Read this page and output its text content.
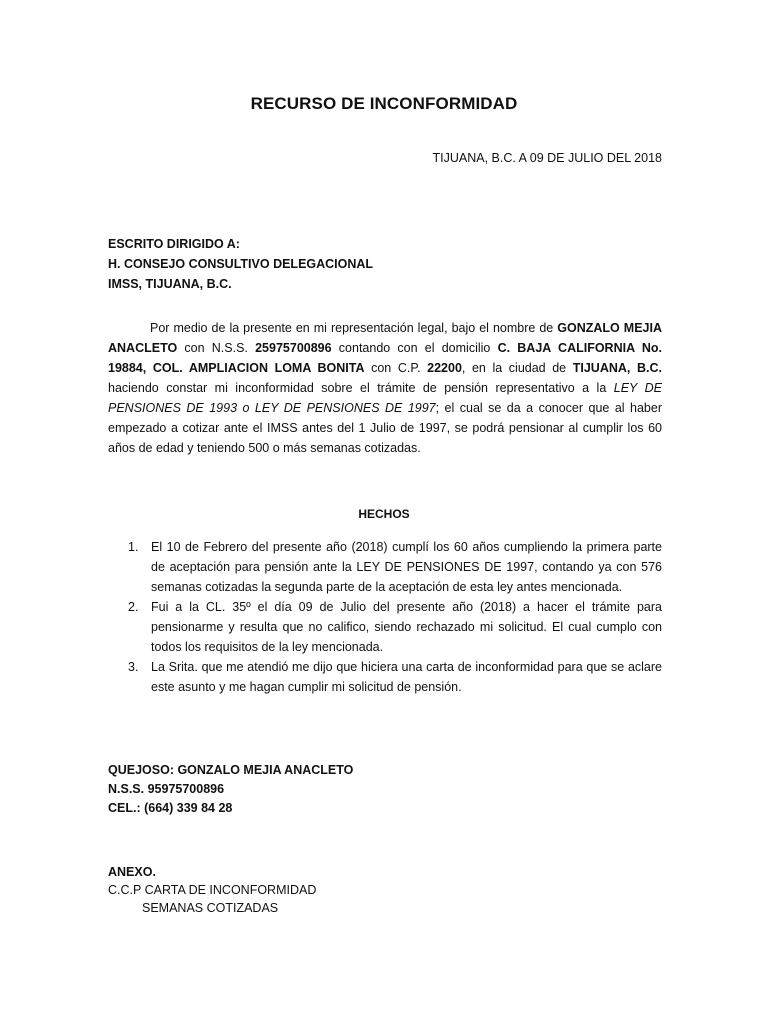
RECURSO DE INCONFORMIDAD
TIJUANA, B.C. A 09 DE JULIO DEL 2018
ESCRITO DIRIGIDO A:
H. CONSEJO CONSULTIVO DELEGACIONAL
IMSS, TIJUANA, B.C.
Por medio de la presente en mi representación legal, bajo el nombre de GONZALO MEJIA ANACLETO con N.S.S. 25975700896 contando con el domicilio C. BAJA CALIFORNIA No. 19884, COL. AMPLIACION LOMA BONITA con C.P. 22200, en la ciudad de TIJUANA, B.C. haciendo constar mi inconformidad sobre el trámite de pensión representativo a la LEY DE PENSIONES DE 1993 o LEY DE PENSIONES DE 1997; el cual se da a conocer que al haber empezado a cotizar ante el IMSS antes del 1 Julio de 1997, se podrá pensionar al cumplir los 60 años de edad y teniendo 500 o más semanas cotizadas.
HECHOS
1. El 10 de Febrero del presente año (2018) cumplí los 60 años cumpliendo la primera parte de aceptación para pensión ante la LEY DE PENSIONES DE 1997, contando ya con 576 semanas cotizadas la segunda parte de la aceptación de esta ley antes mencionada.
2. Fui a la CL. 35º el día 09 de Julio del presente año (2018) a hacer el trámite para pensionarme y resulta que no califico, siendo rechazado mi solicitud. El cual cumplo con todos los requisitos de la ley mencionada.
3. La Srita. que me atendió me dijo que hiciera una carta de inconformidad para que se aclare este asunto y me hagan cumplir mi solicitud de pensión.
QUEJOSO: GONZALO MEJIA ANACLETO
N.S.S. 95975700896
CEL.: (664) 339 84 28
ANEXO.
C.C.P CARTA DE INCONFORMIDAD
SEMANAS COTIZADAS
